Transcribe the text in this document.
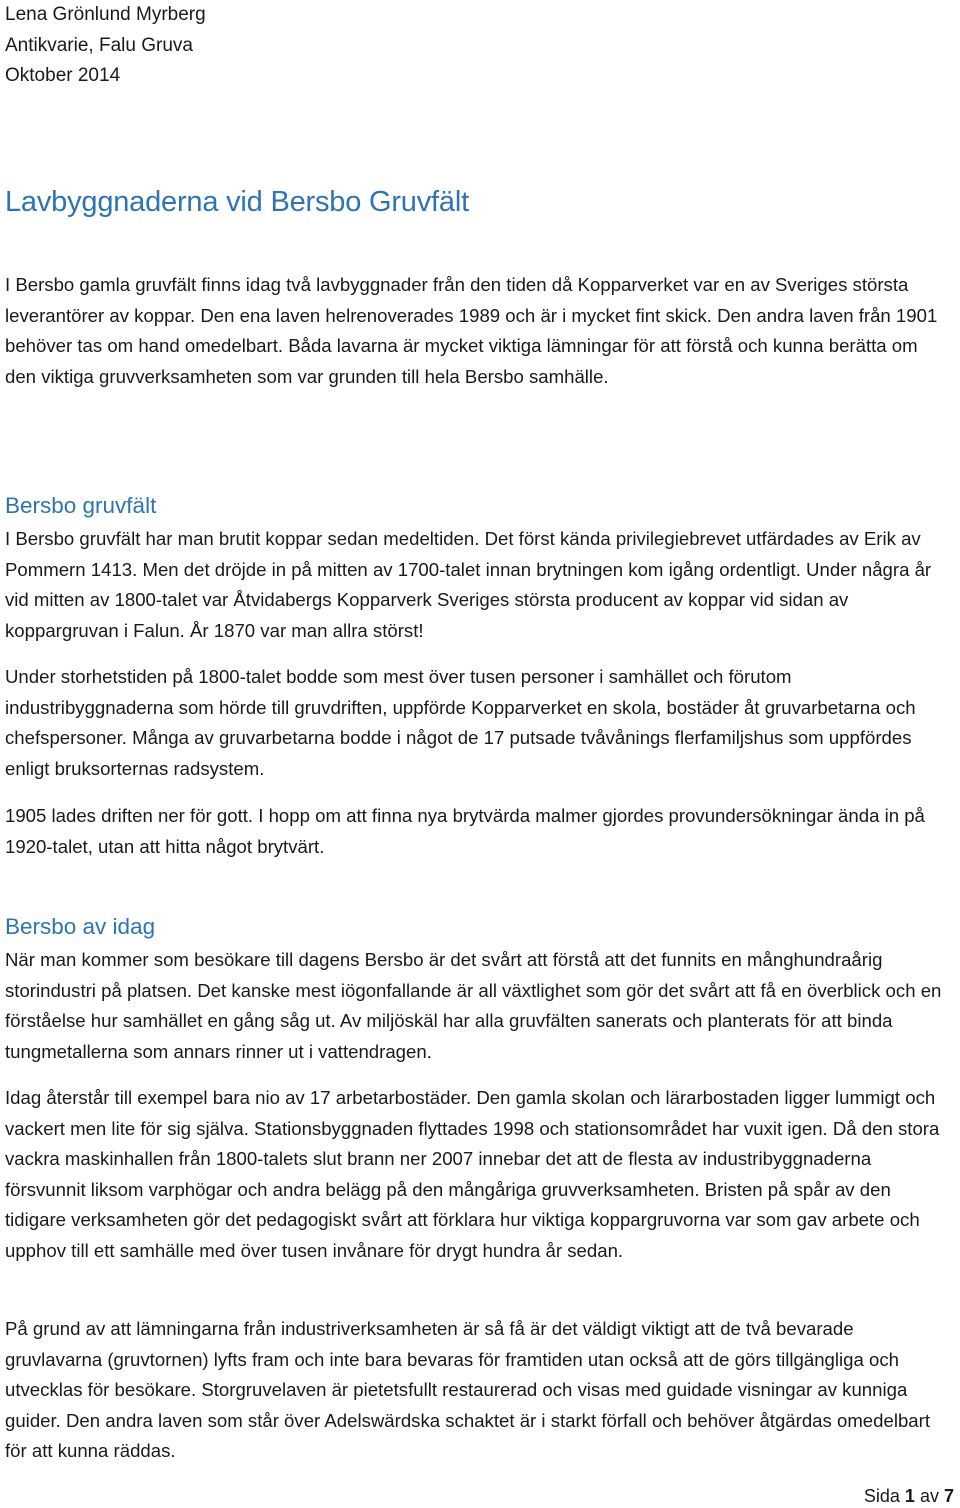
Lena Grönlund Myrberg
Antikvarie, Falu Gruva
Oktober 2014
Lavbyggnaderna vid Bersbo Gruvfält

I Bersbo gamla gruvfält finns idag två lavbyggnader från den tiden då Kopparverket var en av Sveriges största leverantörer av koppar. Den ena laven helrenoverades 1989 och är i mycket fint skick. Den andra laven från 1901 behöver tas om hand omedelbart. Båda lavarna är mycket viktiga lämningar för att förstå och kunna berätta om den viktiga gruvverksamheten som var grunden till hela Bersbo samhälle.

Bersbo gruvfält

I Bersbo gruvfält har man brutit koppar sedan medeltiden. Det först kända privilegiebrevet utfärdades av Erik av Pommern 1413. Men det dröjde in på mitten av 1700-talet innan brytningen kom igång ordentligt. Under några år vid mitten av 1800-talet var Åtvidabergs Kopparverk Sveriges största producent av koppar vid sidan av koppargruvan i Falun. År 1870 var man allra störst!

Under storhetstiden på 1800-talet bodde som mest över tusen personer i samhället och förutom industribyggnaderna som hörde till gruvdriften, uppförde Kopparverket en skola, bostäder åt gruvarbetarna och chefspersoner. Många av gruvarbetarna bodde i något de 17 putsade tvåvånings flerfamiljshus som uppfördes enligt bruksorternas radsystem.

1905 lades driften ner för gott. I hopp om att finna nya brytvärda malmer gjordes provundersökningar ända in på 1920-talet, utan att hitta något brytvärt.

Bersbo av idag

När man kommer som besökare till dagens Bersbo är det svårt att förstå att det funnits en månghundraårig storindustri på platsen. Det kanske mest iögonfallande är all växtlighet som gör det svårt att få en överblick och en förståelse hur samhället en gång såg ut. Av miljöskäl har alla gruvfälten sanerats och planterats för att binda tungmetallerna som annars rinner ut i vattendragen.

Idag återstår till exempel bara nio av 17 arbetarbostäder. Den gamla skolan och lärarbostaden ligger lummigt och vackert men lite för sig själva. Stationsbyggnaden flyttades 1998 och stationsområdet har vuxit igen. Då den stora vackra maskinhallen från 1800-talets slut brann ner 2007 innebar det att de flesta av industribyggnaderna försvunnit liksom varphögar och andra belägg på den mångåriga gruvverksamheten. Bristen på spår av den tidigare verksamheten gör det pedagogiskt svårt att förklara hur viktiga koppargruvorna var som gav arbete och upphov till ett samhälle med över tusen invånare för drygt hundra år sedan.

På grund av att lämningarna från industriverksamheten är så få är det väldigt viktigt att de två bevarade gruvlavarna (gruvtornen) lyfts fram och inte bara bevaras för framtiden utan också att de görs tillgängliga och utvecklas för besökare. Storgruvelaven är pietetsfullt restaurerad och visas med guidade visningar av kunniga guider. Den andra laven som står över Adelswärdska schaktet är i starkt förfall och behöver åtgärdas omedelbart för att kunna räddas.

Sida 1 av 7
